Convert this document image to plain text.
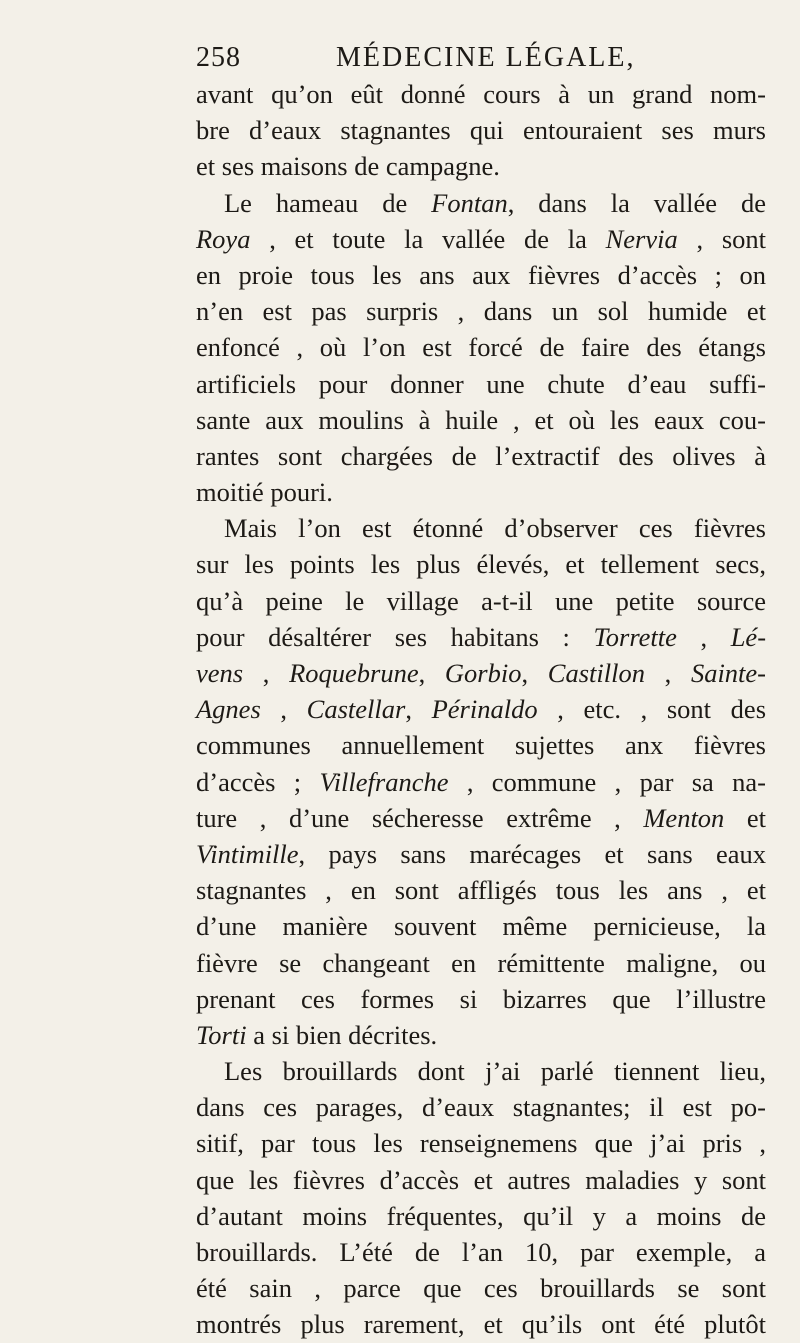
258	MÉDECINE LÉGALE,
avant qu’on eût donné cours à un grand nom-
bre d’eaux stagnantes qui entouraient ses murs
et ses maisons de campagne.
Le hameau de Fontan, dans la vallée de
Roya , et toute la vallée de la Nervia , sont
en proie tous les ans aux fièvres d’accès ; on
n’en est pas surpris , dans un sol humide et
enfoncé , où l’on est forcé de faire des étangs
artificiels pour donner une chute d’eau suffi-
sante aux moulins à huile , et où les eaux cou-
rantes sont chargées de l’extractif des olives à
moitié pouri.
Mais l’on est étonné d’observer ces fièvres
sur les points les plus élevés, et tellement secs,
qu’à peine le village a-t-il une petite source
pour désaltérer ses habitans : Torrette , Lé-
vens , Roquebrune, Gorbio, Castillon , Sainte-
Agnes , Castellar, Périnaldo , etc. , sont des
communes annuellement sujettes anx fièvres
d’accès ; Villefranche , commune , par sa na-
ture , d’une sécheresse extrême , Menton et
Vintimille, pays sans marécages et sans eaux
stagnantes , en sont affligés tous les ans , et
d’une manière souvent même pernicieuse, la
fièvre se changeant en rémittente maligne, ou
prenant ces formes si bizarres que l’illustre
Torti a si bien décrites.
Les brouillards dont j’ai parlé tiennent lieu,
dans ces parages, d’eaux stagnantes; il est po-
sitif, par tous les renseignemens que j’ai pris ,
que les fièvres d’accès et autres maladies y sont
d’autant moins fréquentes, qu’il y a moins de
brouillards. L’été de l’an 10, par exemple, a
été sain , parce que ces brouillards se sont
montrés plus rarement, et qu’ils ont été plutôt
